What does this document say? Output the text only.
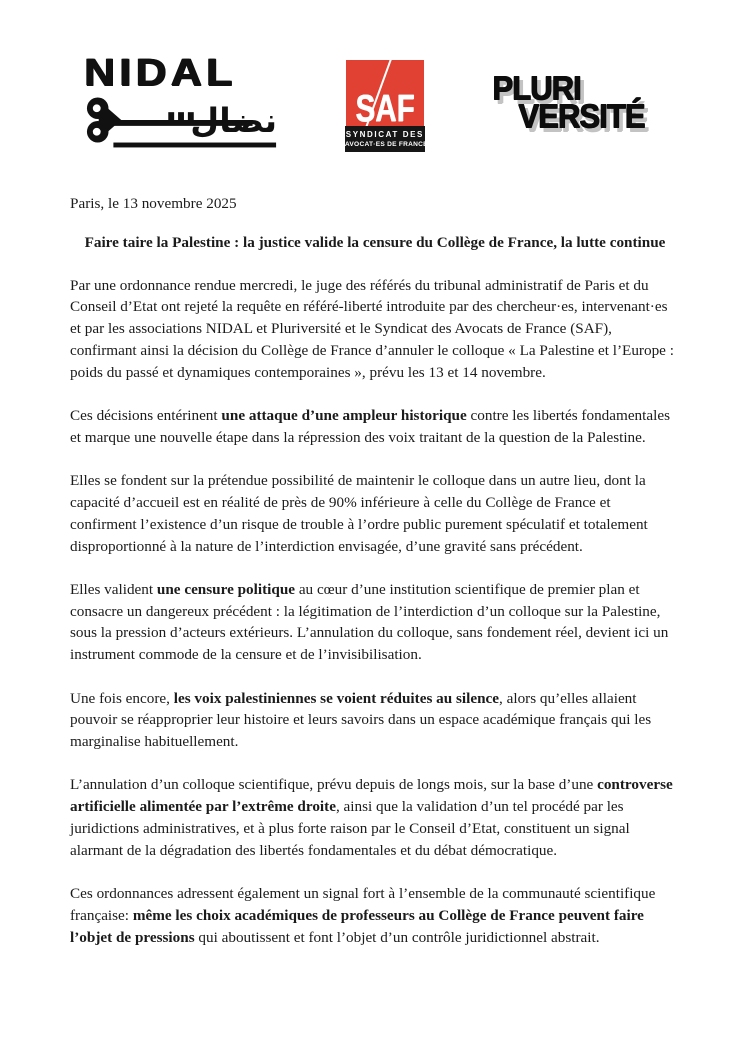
NIDAL
نضال SAF
SYNDICAT DES
AVOCAT·ES DE FRANCE
PLURI
VERSITÉ

Paris, le 13 novembre 2025

Faire taire la Palestine : la justice valide la censure du Collège de France, la lutte continue

Par une ordonnance rendue mercredi, le juge des référés du tribunal administratif de Paris et du Conseil d’Etat ont rejeté la requête en référé-liberté introduite par des chercheur·es, intervenant·es et par les associations NIDAL et Pluriversité et le Syndicat des Avocats de France (SAF), confirmant ainsi la décision du Collège de France d’annuler le colloque « La Palestine et l’Europe : poids du passé et dynamiques contemporaines », prévu les 13 et 14 novembre.

Ces décisions entérinent une attaque d’une ampleur historique contre les libertés fondamentales et marque une nouvelle étape dans la répression des voix traitant de la question de la Palestine.

Elles se fondent sur la prétendue possibilité de maintenir le colloque dans un autre lieu, dont la capacité d’accueil est en réalité de près de 90% inférieure à celle du Collège de France et confirment l’existence d’un risque de trouble à l’ordre public purement spéculatif et totalement disproportionné à la nature de l’interdiction envisagée, d’une gravité sans précédent.

Elles valident une censure politique au cœur d’une institution scientifique de premier plan et consacre un dangereux précédent : la légitimation de l’interdiction d’un colloque sur la Palestine, sous la pression d’acteurs extérieurs. L’annulation du colloque, sans fondement réel, devient ici un instrument commode de la censure et de l’invisibilisation.

Une fois encore, les voix palestiniennes se voient réduites au silence, alors qu’elles allaient pouvoir se réapproprier leur histoire et leurs savoirs dans un espace académique français qui les marginalise habituellement.

L’annulation d’un colloque scientifique, prévu depuis de longs mois, sur la base d’une controverse artificielle alimentée par l’extrême droite, ainsi que la validation d’un tel procédé par les juridictions administratives, et à plus forte raison par le Conseil d’Etat, constituent un signal alarmant de la dégradation des libertés fondamentales et du débat démocratique.

Ces ordonnances adressent également un signal fort à l’ensemble de la communauté scientifique française: même les choix académiques de professeurs au Collège de France peuvent faire l’objet de pressions qui aboutissent et font l’objet d’un contrôle juridictionnel abstrait.
